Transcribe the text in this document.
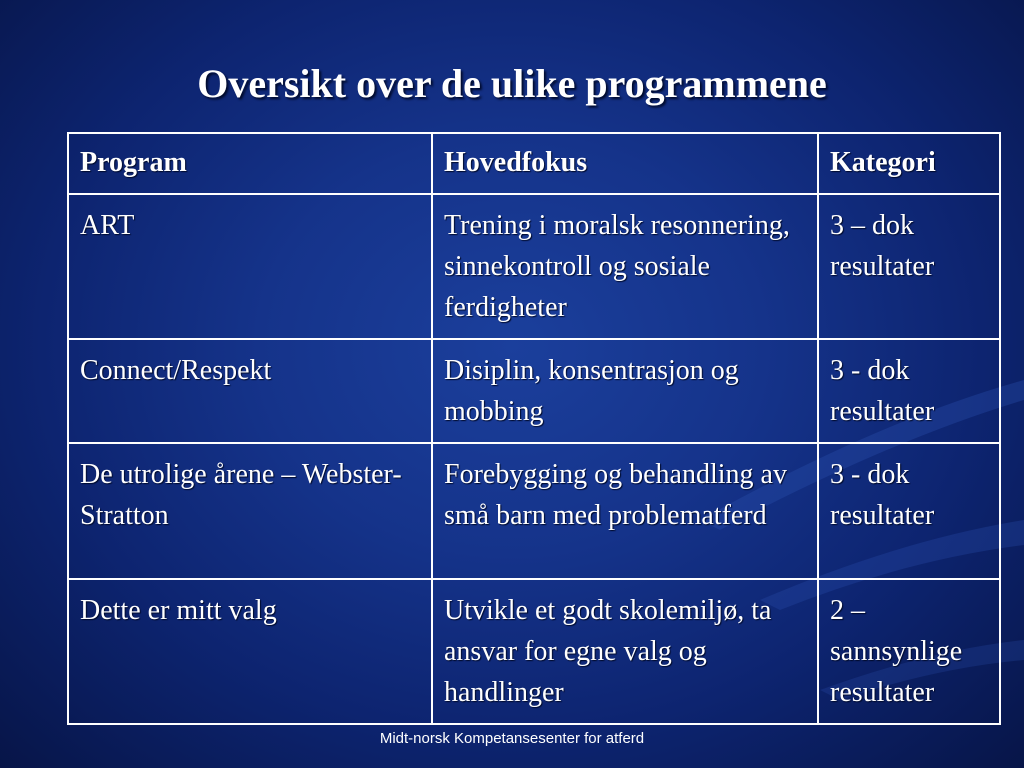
Oversikt over de ulike programmene
Program	Hovedfokus	Kategori
ART	Trening i moralsk resonnering, sinnekontroll og sosiale ferdigheter	3 – dok resultater
Connect/Respekt	Disiplin, konsentrasjon og mobbing	3 - dok resultater
De utrolige årene – Webster-Stratton	Forebygging og behandling av små barn med problematferd	3 - dok resultater
Dette er mitt valg	Utvikle et godt skolemiljø, ta ansvar for egne valg og handlinger	2 – sannsynlige resultater
Midt-norsk Kompetansesenter for atferd
